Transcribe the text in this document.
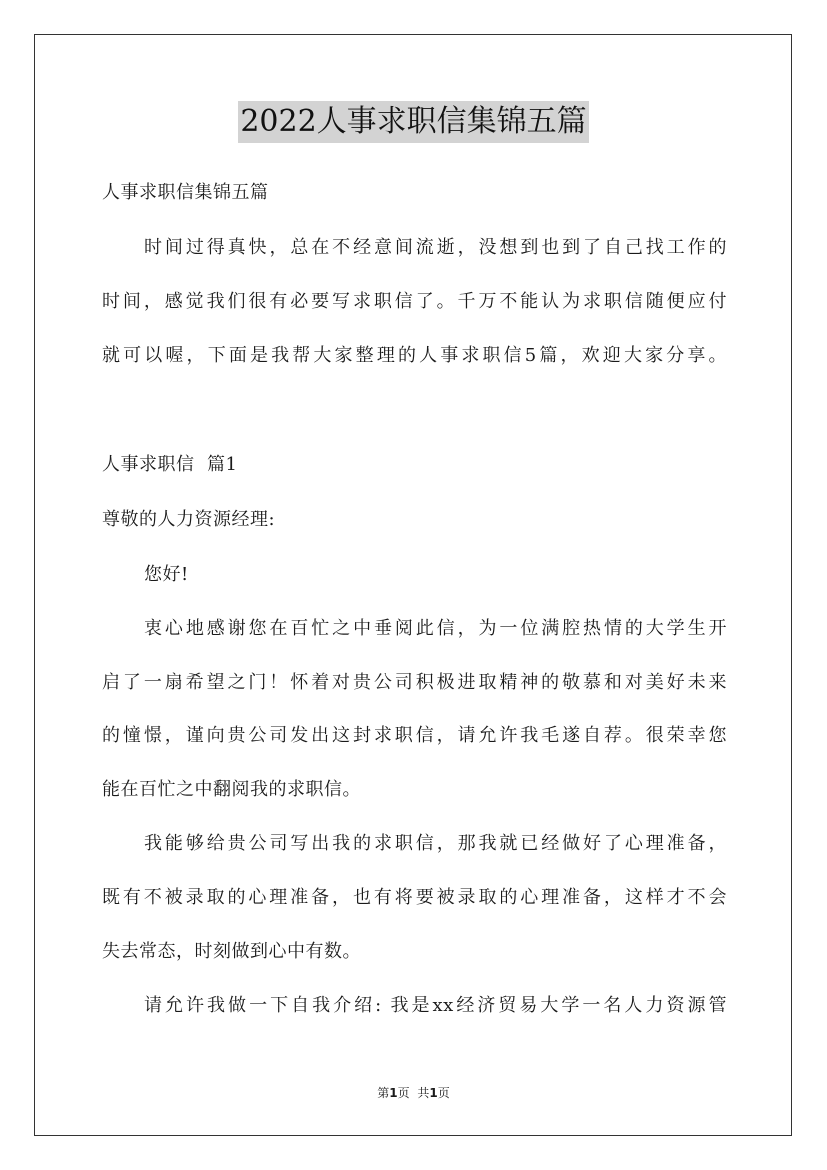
2022人事求职信集锦五篇
人事求职信集锦五篇
时间过得真快，总在不经意间流逝，没想到也到了自己找工作的
时间，感觉我们很有必要写求职信了。千万不能认为求职信随便应付
就可以喔，下面是我帮大家整理的人事求职信5篇，欢迎大家分享。
人事求职信  篇1
尊敬的人力资源经理:
您好!
衷心地感谢您在百忙之中垂阅此信，为一位满腔热情的大学生开
启了一扇希望之门！怀着对贵公司积极进取精神的敬慕和对美好未来
的憧憬，谨向贵公司发出这封求职信，请允许我毛遂自荐。很荣幸您
能在百忙之中翻阅我的求职信。
我能够给贵公司写出我的求职信，那我就已经做好了心理准备，
既有不被录取的心理准备，也有将要被录取的心理准备，这样才不会
失去常态，时刻做到心中有数。
请允许我做一下自我介绍: 我是xx经济贸易大学一名人力资源管
第1页 共1页
